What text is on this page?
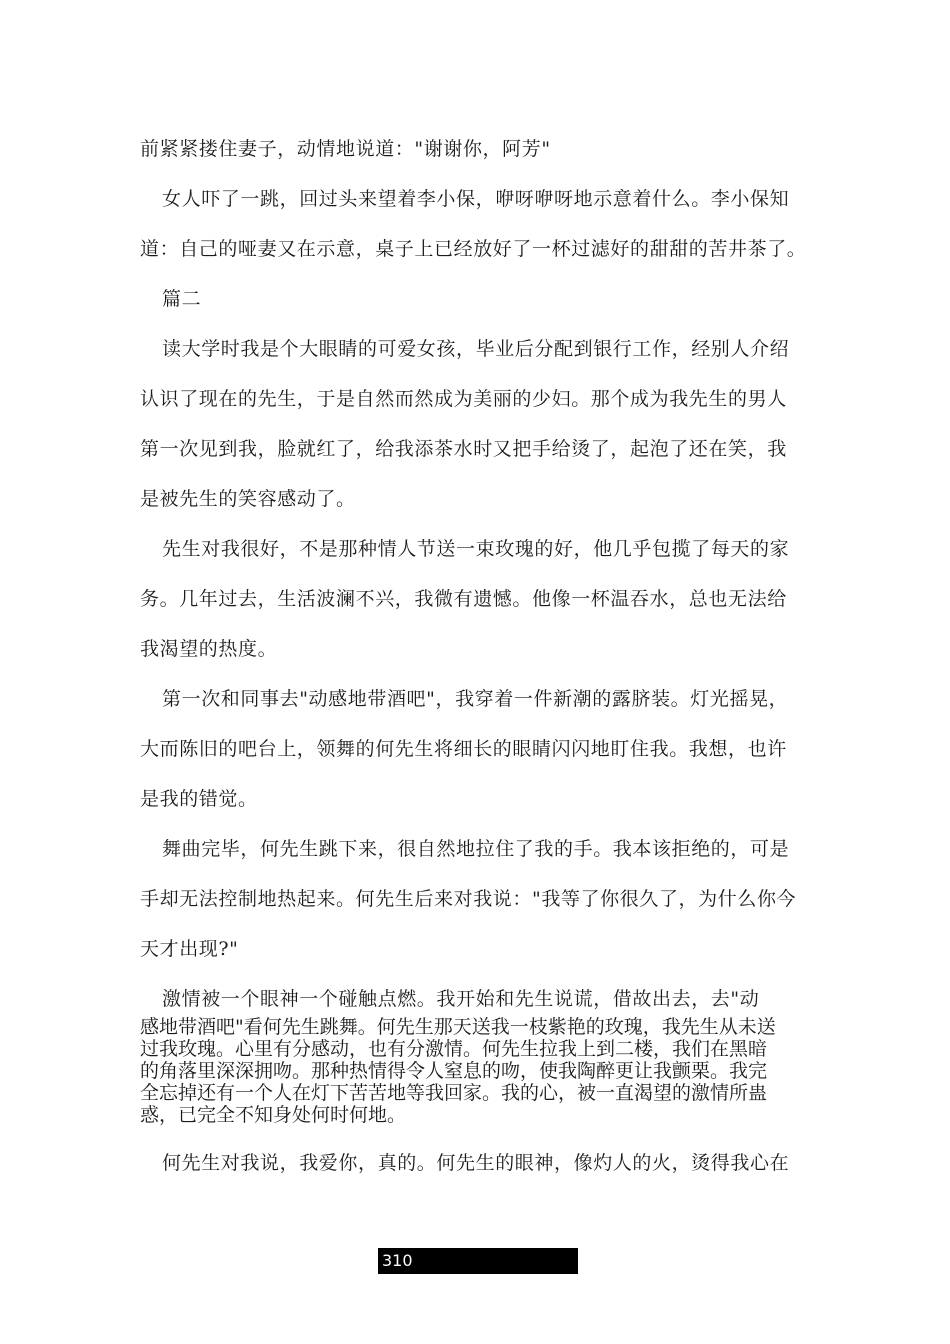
前紧紧搂住妻子，动情地说道："谢谢你，阿芳"
女人吓了一跳，回过头来望着李小保，咿呀咿呀地示意着什么。李小保知
道：自己的哑妻又在示意，桌子上已经放好了一杯过滤好的甜甜的苦井茶了。
篇二
读大学时我是个大眼睛的可爱女孩，毕业后分配到银行工作，经别人介绍
认识了现在的先生，于是自然而然成为美丽的少妇。那个成为我先生的男人
第一次见到我，脸就红了，给我添茶水时又把手给烫了，起泡了还在笑，我
是被先生的笑容感动了。
先生对我很好，不是那种情人节送一束玫瑰的好，他几乎包揽了每天的家
务。几年过去，生活波澜不兴，我微有遗憾。他像一杯温吞水，总也无法给
我渴望的热度。
第一次和同事去"动感地带酒吧"，我穿着一件新潮的露脐装。灯光摇晃，
大而陈旧的吧台上，领舞的何先生将细长的眼睛闪闪地盯住我。我想，也许
是我的错觉。
舞曲完毕，何先生跳下来，很自然地拉住了我的手。我本该拒绝的，可是
手却无法控制地热起来。何先生后来对我说："我等了你很久了，为什么你今
天才出现?"
激情被一个眼神一个碰触点燃。我开始和先生说谎，借故出去，去"动
感地带酒吧"看何先生跳舞。何先生那天送我一枝紫艳的玫瑰，我先生从未送
过我玫瑰。心里有分感动，也有分激情。何先生拉我上到二楼，我们在黑暗
的角落里深深拥吻。那种热情得令人窒息的吻，使我陶醉更让我颤栗。我完
全忘掉还有一个人在灯下苦苦地等我回家。我的心，被一直渴望的激情所蛊
惑，已完全不知身处何时何地。
何先生对我说，我爱你，真的。何先生的眼神，像灼人的火，烫得我心在
310
